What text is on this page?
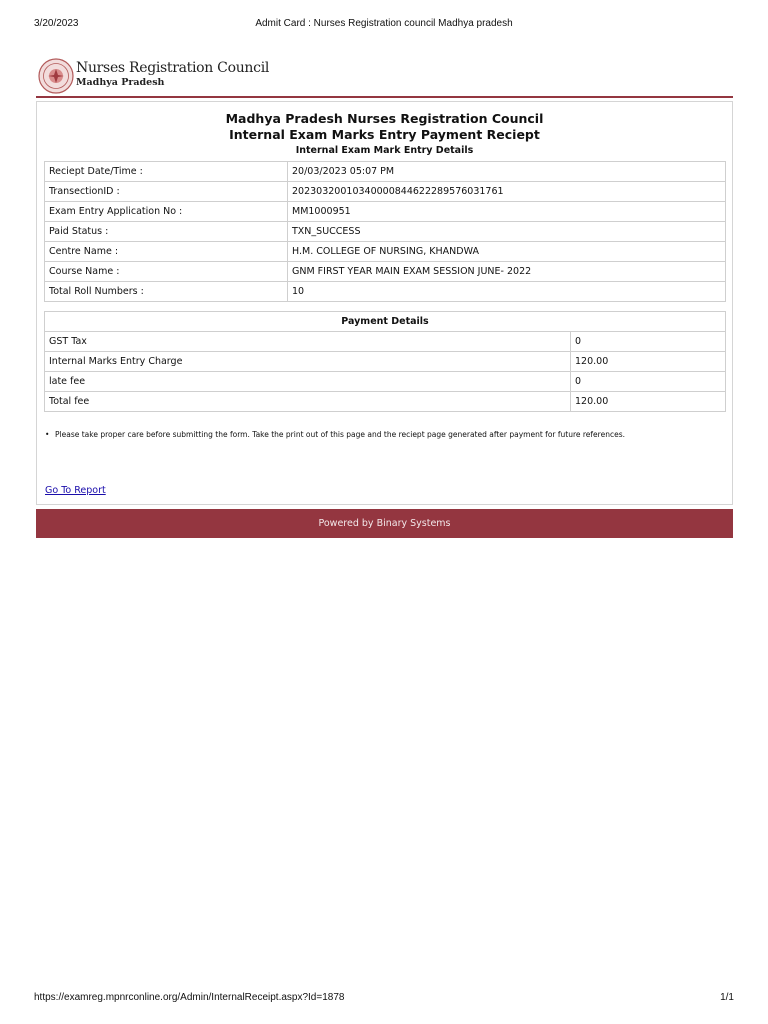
3/20/2023	Admit Card : Nurses Registration council Madhya pradesh
Nurses Registration Council
Madhya Pradesh
Madhya Pradesh Nurses Registration Council
Internal Exam Marks Entry Payment Reciept
Internal Exam Mark Entry Details
Reciept Date/Time :	20/03/2023 05:07 PM
TransectionID :	20230320010340000844622289576031761
Exam Entry Application No :	MM1000951
Paid Status :	TXN_SUCCESS
Centre Name :	H.M. COLLEGE OF NURSING, KHANDWA
Course Name :	GNM FIRST YEAR MAIN EXAM SESSION JUNE- 2022
Total Roll Numbers :	10
Payment Details	
GST Tax	0
Internal Marks Entry Charge	120.00
late fee	0
Total fee	120.00
• Please take proper care before submitting the form. Take the print out of this page and the reciept page generated after payment for future references.
Go To Report
Powered by Binary Systems
https://examreg.mpnrconline.org/Admin/InternalReceipt.aspx?Id=1878	1/1
